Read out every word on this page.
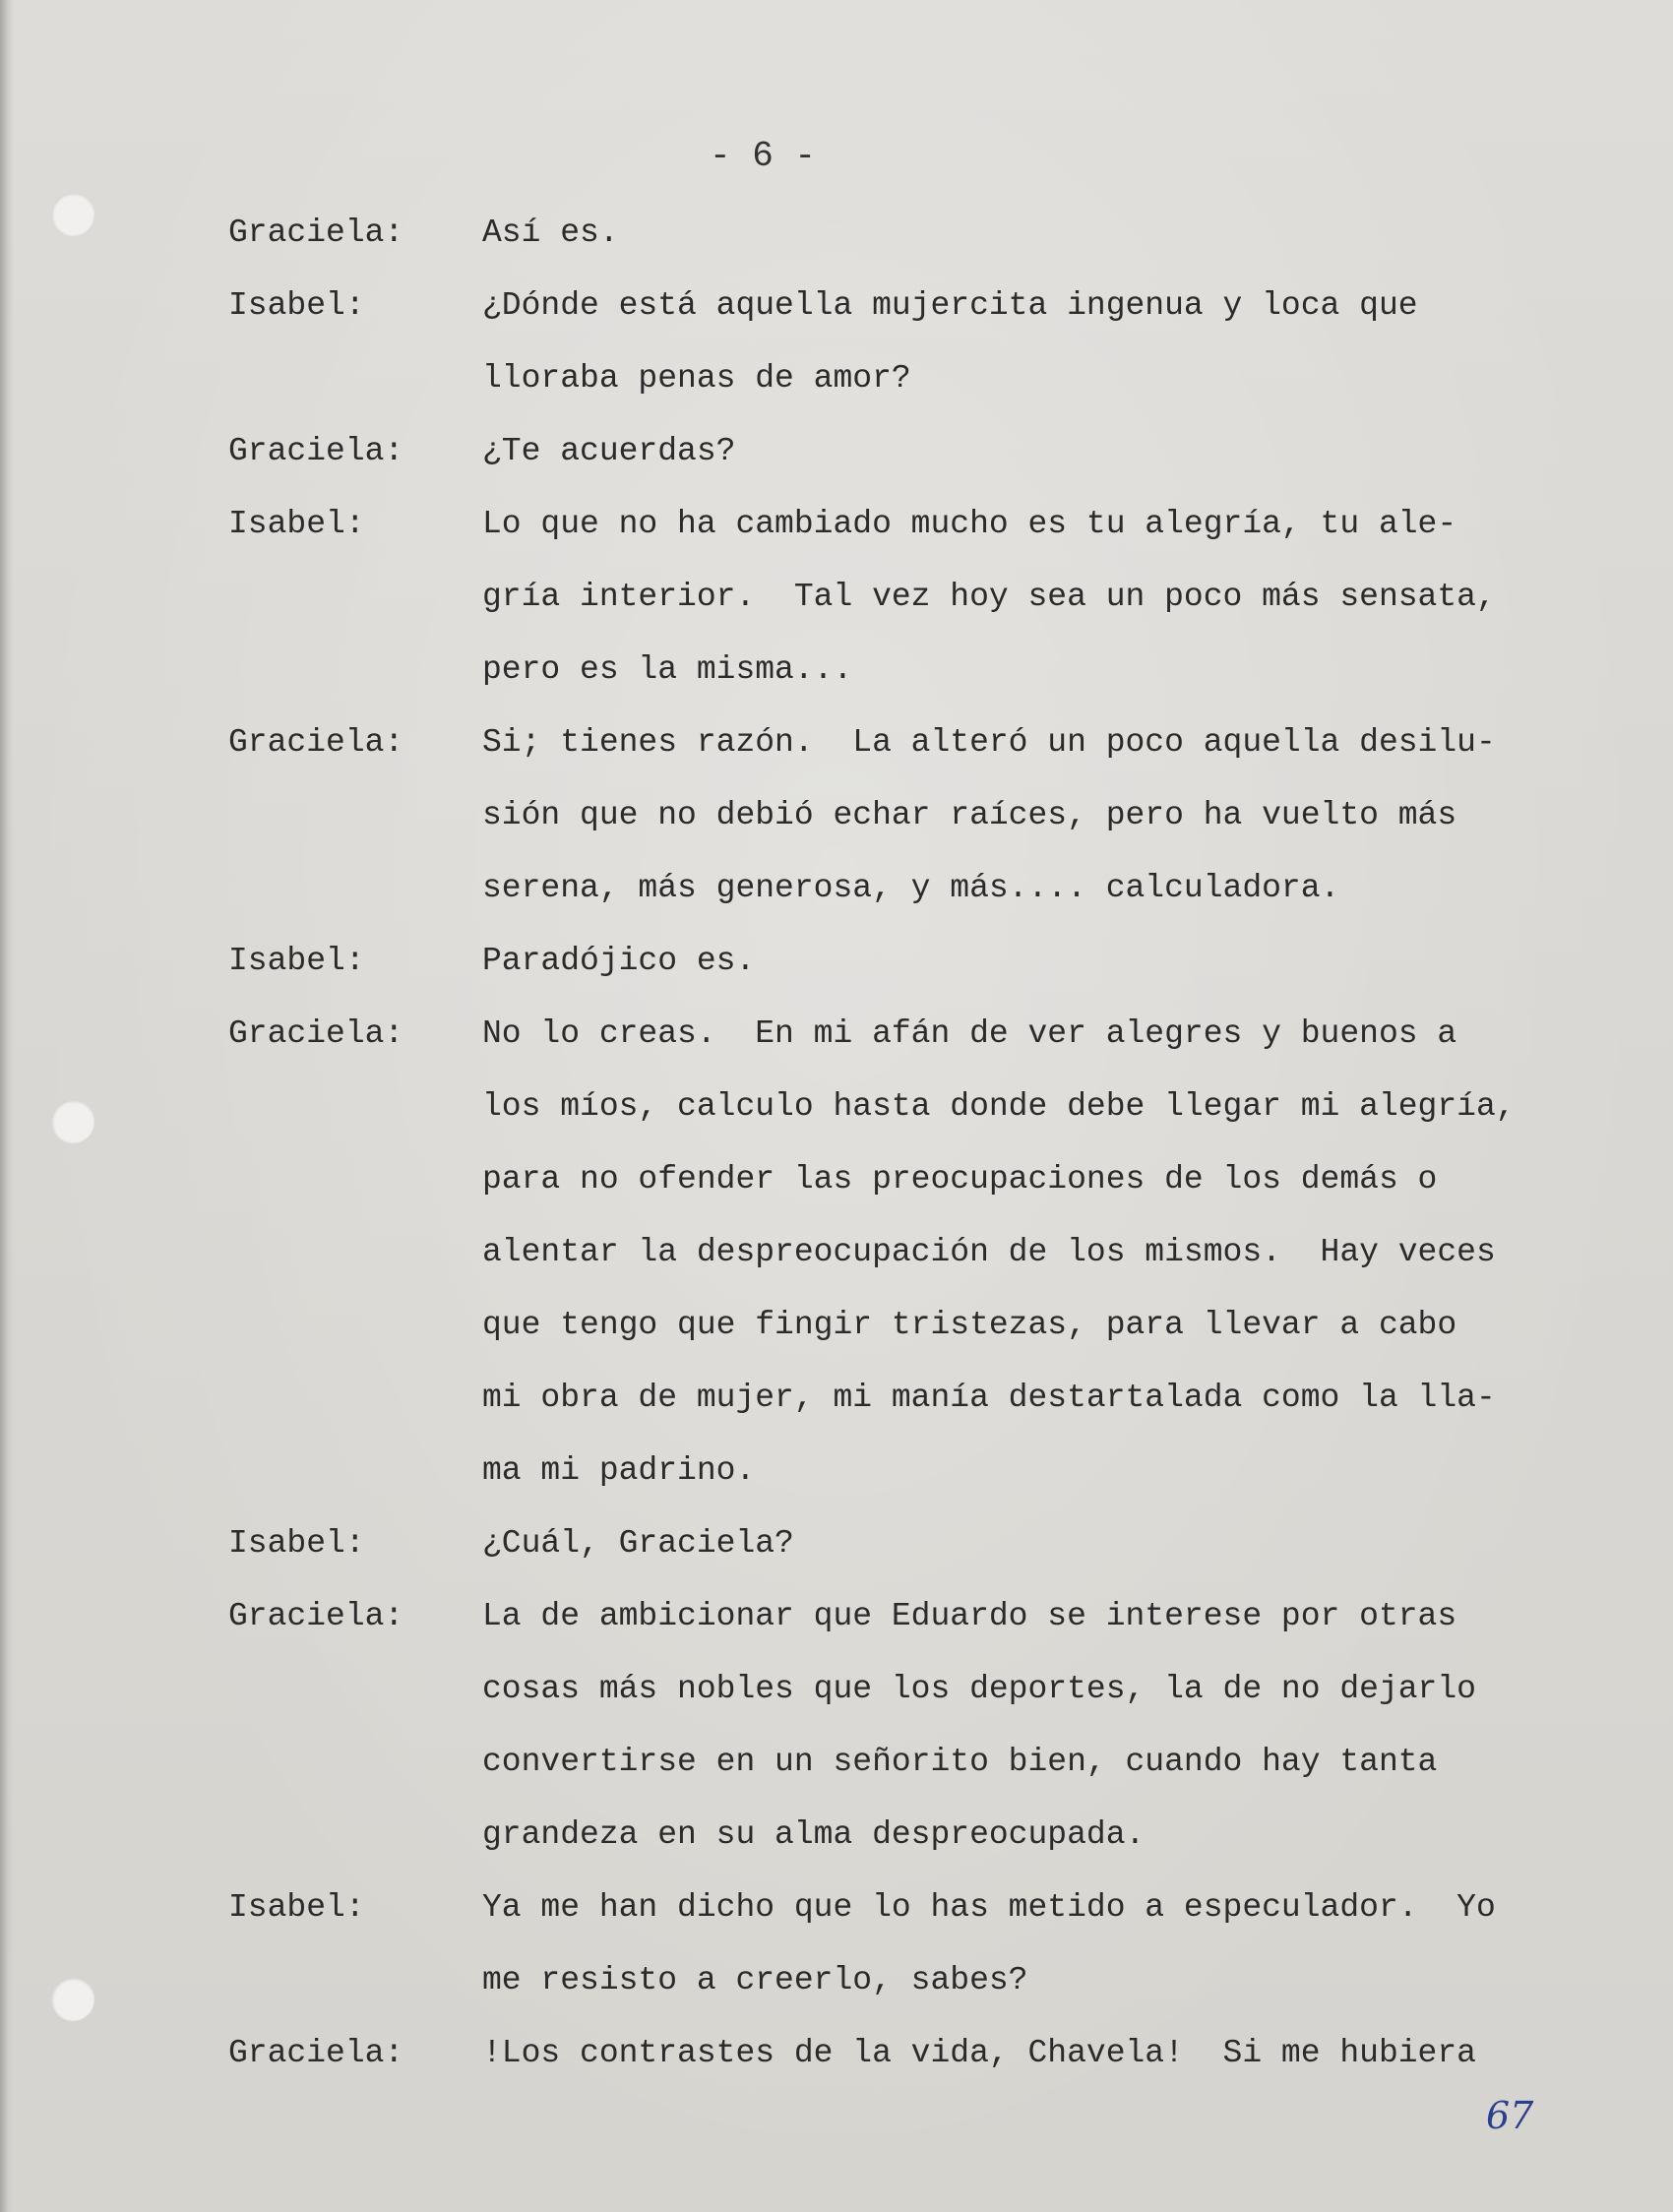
- 6 -
Graciela:	Así es.
Isabel:	¿Dónde está aquella mujercita ingenua y loca que
lloraba penas de amor?
Graciela:	¿Te acuerdas?
Isabel:	Lo que no ha cambiado mucho es tu alegría, tu ale-
gría interior.  Tal vez hoy sea un poco más sensata,
pero es la misma...
Graciela:	Si; tienes razón.  La alteró un poco aquella desilu-
sión que no debió echar raíces, pero ha vuelto más
serena, más generosa, y más.... calculadora.
Isabel:	Paradójico es.
Graciela:	No lo creas.  En mi afán de ver alegres y buenos a
los míos, calculo hasta donde debe llegar mi alegría,
para no ofender las preocupaciones de los demás o
alentar la despreocupación de los mismos.  Hay veces
que tengo que fingir tristezas, para llevar a cabo
mi obra de mujer, mi manía destartalada como la lla-
ma mi padrino.
Isabel:	¿Cuál, Graciela?
Graciela:	La de ambicionar que Eduardo se interese por otras
cosas más nobles que los deportes, la de no dejarlo
convertirse en un señorito bien, cuando hay tanta
grandeza en su alma despreocupada.
Isabel:	Ya me han dicho que lo has metido a especulador.  Yo
me resisto a creerlo, sabes?
Graciela:	!Los contrastes de la vida, Chavela!  Si me hubiera
67
